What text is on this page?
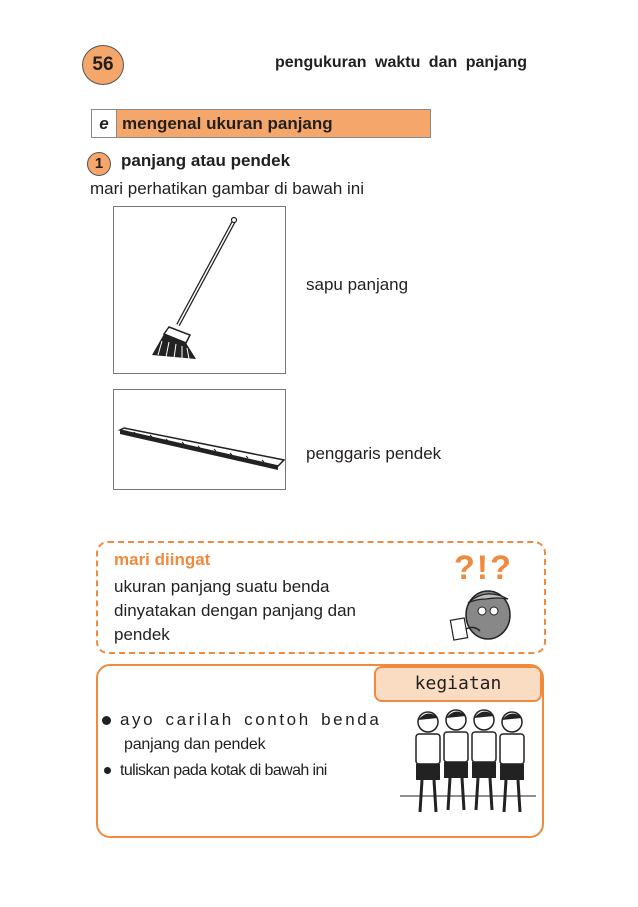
56	pengukuran waktu dan panjang
e mengenal ukuran panjang
1	panjang atau pendek
mari perhatikan gambar di bawah ini
sapu panjang
penggaris pendek
mari diingat
ukuran panjang suatu benda dinyatakan dengan panjang dan pendek
?!?
kegiatan
ayo carilah contoh benda
panjang dan pendek
tuliskan pada kotak di bawah ini
